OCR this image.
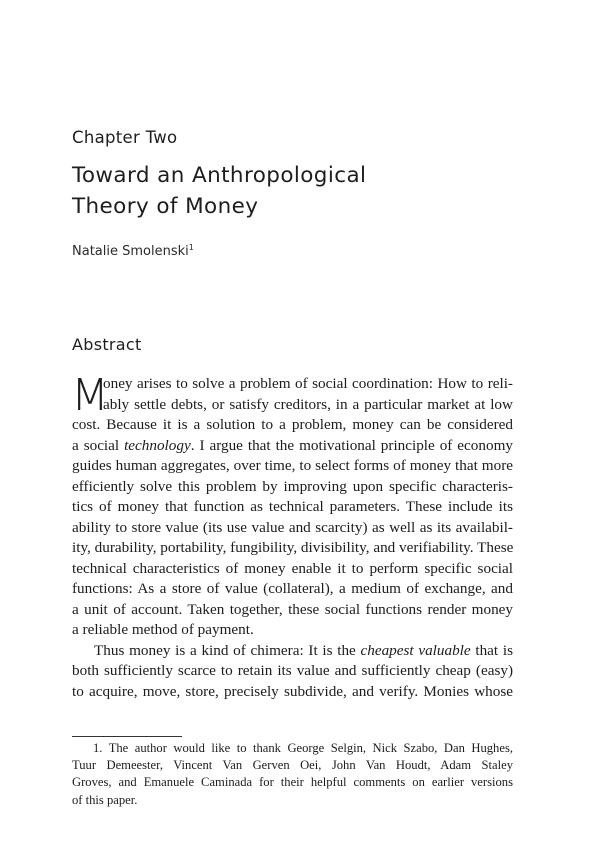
Chapter Two
Toward an Anthropological
Theory of Money
Natalie Smolenski$^1$
Abstract
M
oney arises to solve a problem of social coordination: How to reli-
ably settle debts, or satisfy creditors, in a particular market at low
cost. Because it is a solution to a problem, money can be considered
a social technology. I argue that the motivational principle of economy
guides human aggregates, over time, to select forms of money that more
efficiently solve this problem by improving upon specific characteris-
tics of money that function as technical parameters. These include its
ability to store value (its use value and scarcity) as well as its availabil-
ity, durability, portability, fungibility, divisibility, and verifiability. These
technical characteristics of money enable it to perform specific social
functions: As a store of value (collateral), a medium of exchange, and
a unit of account. Taken together, these social functions render money
a reliable method of payment.
Thus money is a kind of chimera: It is the cheapest valuable that is
both sufficiently scarce to retain its value and sufficiently cheap (easy)
to acquire, move, store, precisely subdivide, and verify. Monies whose
1. The author would like to thank George Selgin, Nick Szabo, Dan Hughes,
Tuur Demeester, Vincent Van Gerven Oei, John Van Houdt, Adam Staley
Groves, and Emanuele Caminada for their helpful comments on earlier versions
of this paper.
